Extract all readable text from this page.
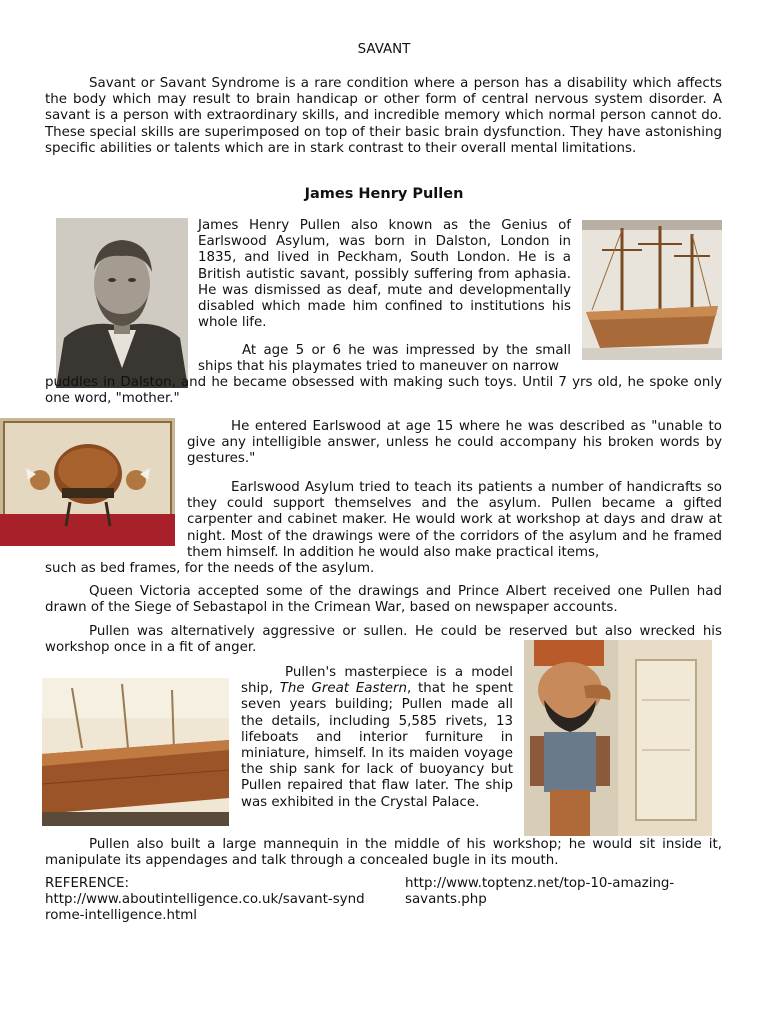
SAVANT

Savant or Savant Syndrome is a rare condition where a person has a disability which affects the body which may result to brain handicap or other form of central nervous system disorder. A savant is a person with extraordinary skills, and incredible memory which normal person cannot do. These special skills are superimposed on top of their basic brain dysfunction. They have astonishing specific abilities or talents which are in stark contrast to their overall mental limitations.

James Henry Pullen

James Henry Pullen also known as the Genius of Earlswood Asylum, was born in Dalston, London in 1835, and lived in Peckham, South London. He is a British autistic savant, possibly suffering from aphasia. He was dismissed as deaf, mute and developmentally disabled which made him confined to institutions his whole life.

At age 5 or 6 he was impressed by the small ships that his playmates tried to maneuver on narrow

puddles in Dalston, and he became obsessed with making such toys. Until 7 yrs old, he spoke only one word, "mother."

He entered Earlswood at age 15 where he was described as "unable to give any intelligible answer, unless he could accompany his broken words by gestures."

Earlswood Asylum tried to teach its patients a number of handicrafts so they could support themselves and the asylum. Pullen became a gifted carpenter and cabinet maker. He would work at workshop at days and draw at night. Most of the drawings were of the corridors of the asylum and he framed them himself. In addition he would also make practical items,

such as bed frames, for the needs of the asylum.

Queen Victoria accepted some of the drawings and Prince Albert received one Pullen had drawn of the Siege of Sebastapol in the Crimean War, based on newspaper accounts.

Pullen was alternatively aggressive or sullen. He could be reserved but also wrecked his workshop once in a fit of anger.

Pullen's masterpiece is a model ship, The Great Eastern, that he spent seven years building; Pullen made all the details, including 5,585 rivets, 13 lifeboats and interior furniture in miniature, himself. In its maiden voyage the ship sank for lack of buoyancy but Pullen repaired that flaw later. The ship was exhibited in the Crystal Palace.

Pullen also built a large mannequin in the middle of his workshop; he would sit inside it, manipulate its appendages and talk through a concealed bugle in its mouth.

REFERENCE:
http://www.aboutintelligence.co.uk/savant-syndrome-intelligence.html
http://www.toptenz.net/top-10-amazing-savants.php
